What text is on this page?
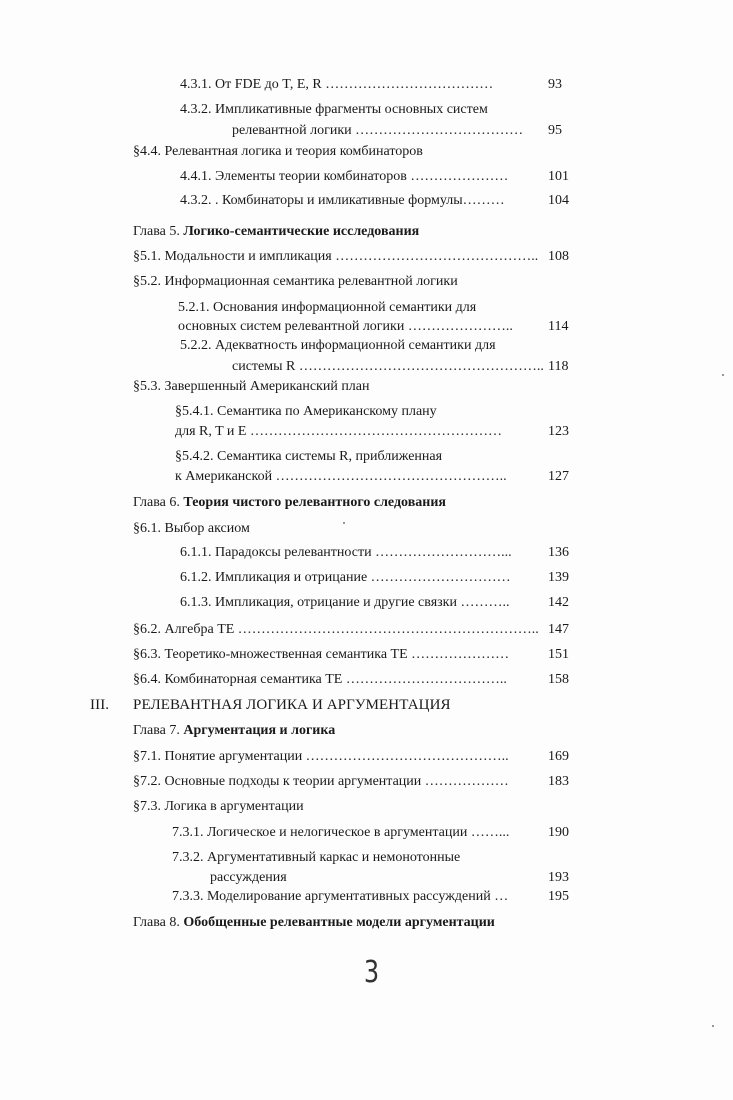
4.3.1. От FDE до T, E, R ………………………………	93
4.3.2. Импликативные фрагменты основных систем
релевантной логики ……………………………… 95
§4.4. Релевантная логика и теория комбинаторов
4.4.1. Элементы теории комбинаторов …………………	101
4.3.2. . Комбинаторы и имликативные формулы………	104
Глава 5. Логико-семантические исследования
§5.1. Модальности и импликация …………………………………….. 108
§5.2. Информационная семантика релевантной логики
5.2.1. Основания информационной семантики для
основных систем релевантной логики …………………..	114
5.2.2. Адекватность информационной семантики для
системы R …………………………………………….. 118
§5.3. Завершенный Американский план
§5.4.1. Семантика по Американскому плану
для R, T и E ………………………………………………	123
§5.4.2. Семантика системы R, приближенная
к Американской …………………………………………..	127
Глава 6. Теория чистого релевантного следования
§6.1. Выбор аксиом
6.1.1. Парадоксы релевантности ………………………...	136
6.1.2. Импликация и отрицание …………………………	139
6.1.3. Импликация, отрицание и другие связки ………..	142
§6.2. Алгебра ТЕ ……………………………………………………….. 147
§6.3. Теоретико-множественная семантика ТЕ …………………	151
§6.4. Комбинаторная семантика ТЕ ……………………………..	158
III. РЕЛЕВАНТНАЯ ЛОГИКА И АРГУМЕНТАЦИЯ
Глава 7. Аргументация и логика
§7.1. Понятие аргументации ……………………………………..	169
§7.2. Основные подходы к теории аргументации ………………	183
§7.3. Логика в аргументации
7.3.1. Логическое и нелогическое в аргументации ……...	190
7.3.2. Аргументативный каркас и немонотонные
рассуждения	193
7.3.3. Моделирование аргументативных рассуждений …	195
Глава 8. Обобщенные релевантные модели аргументации
3
